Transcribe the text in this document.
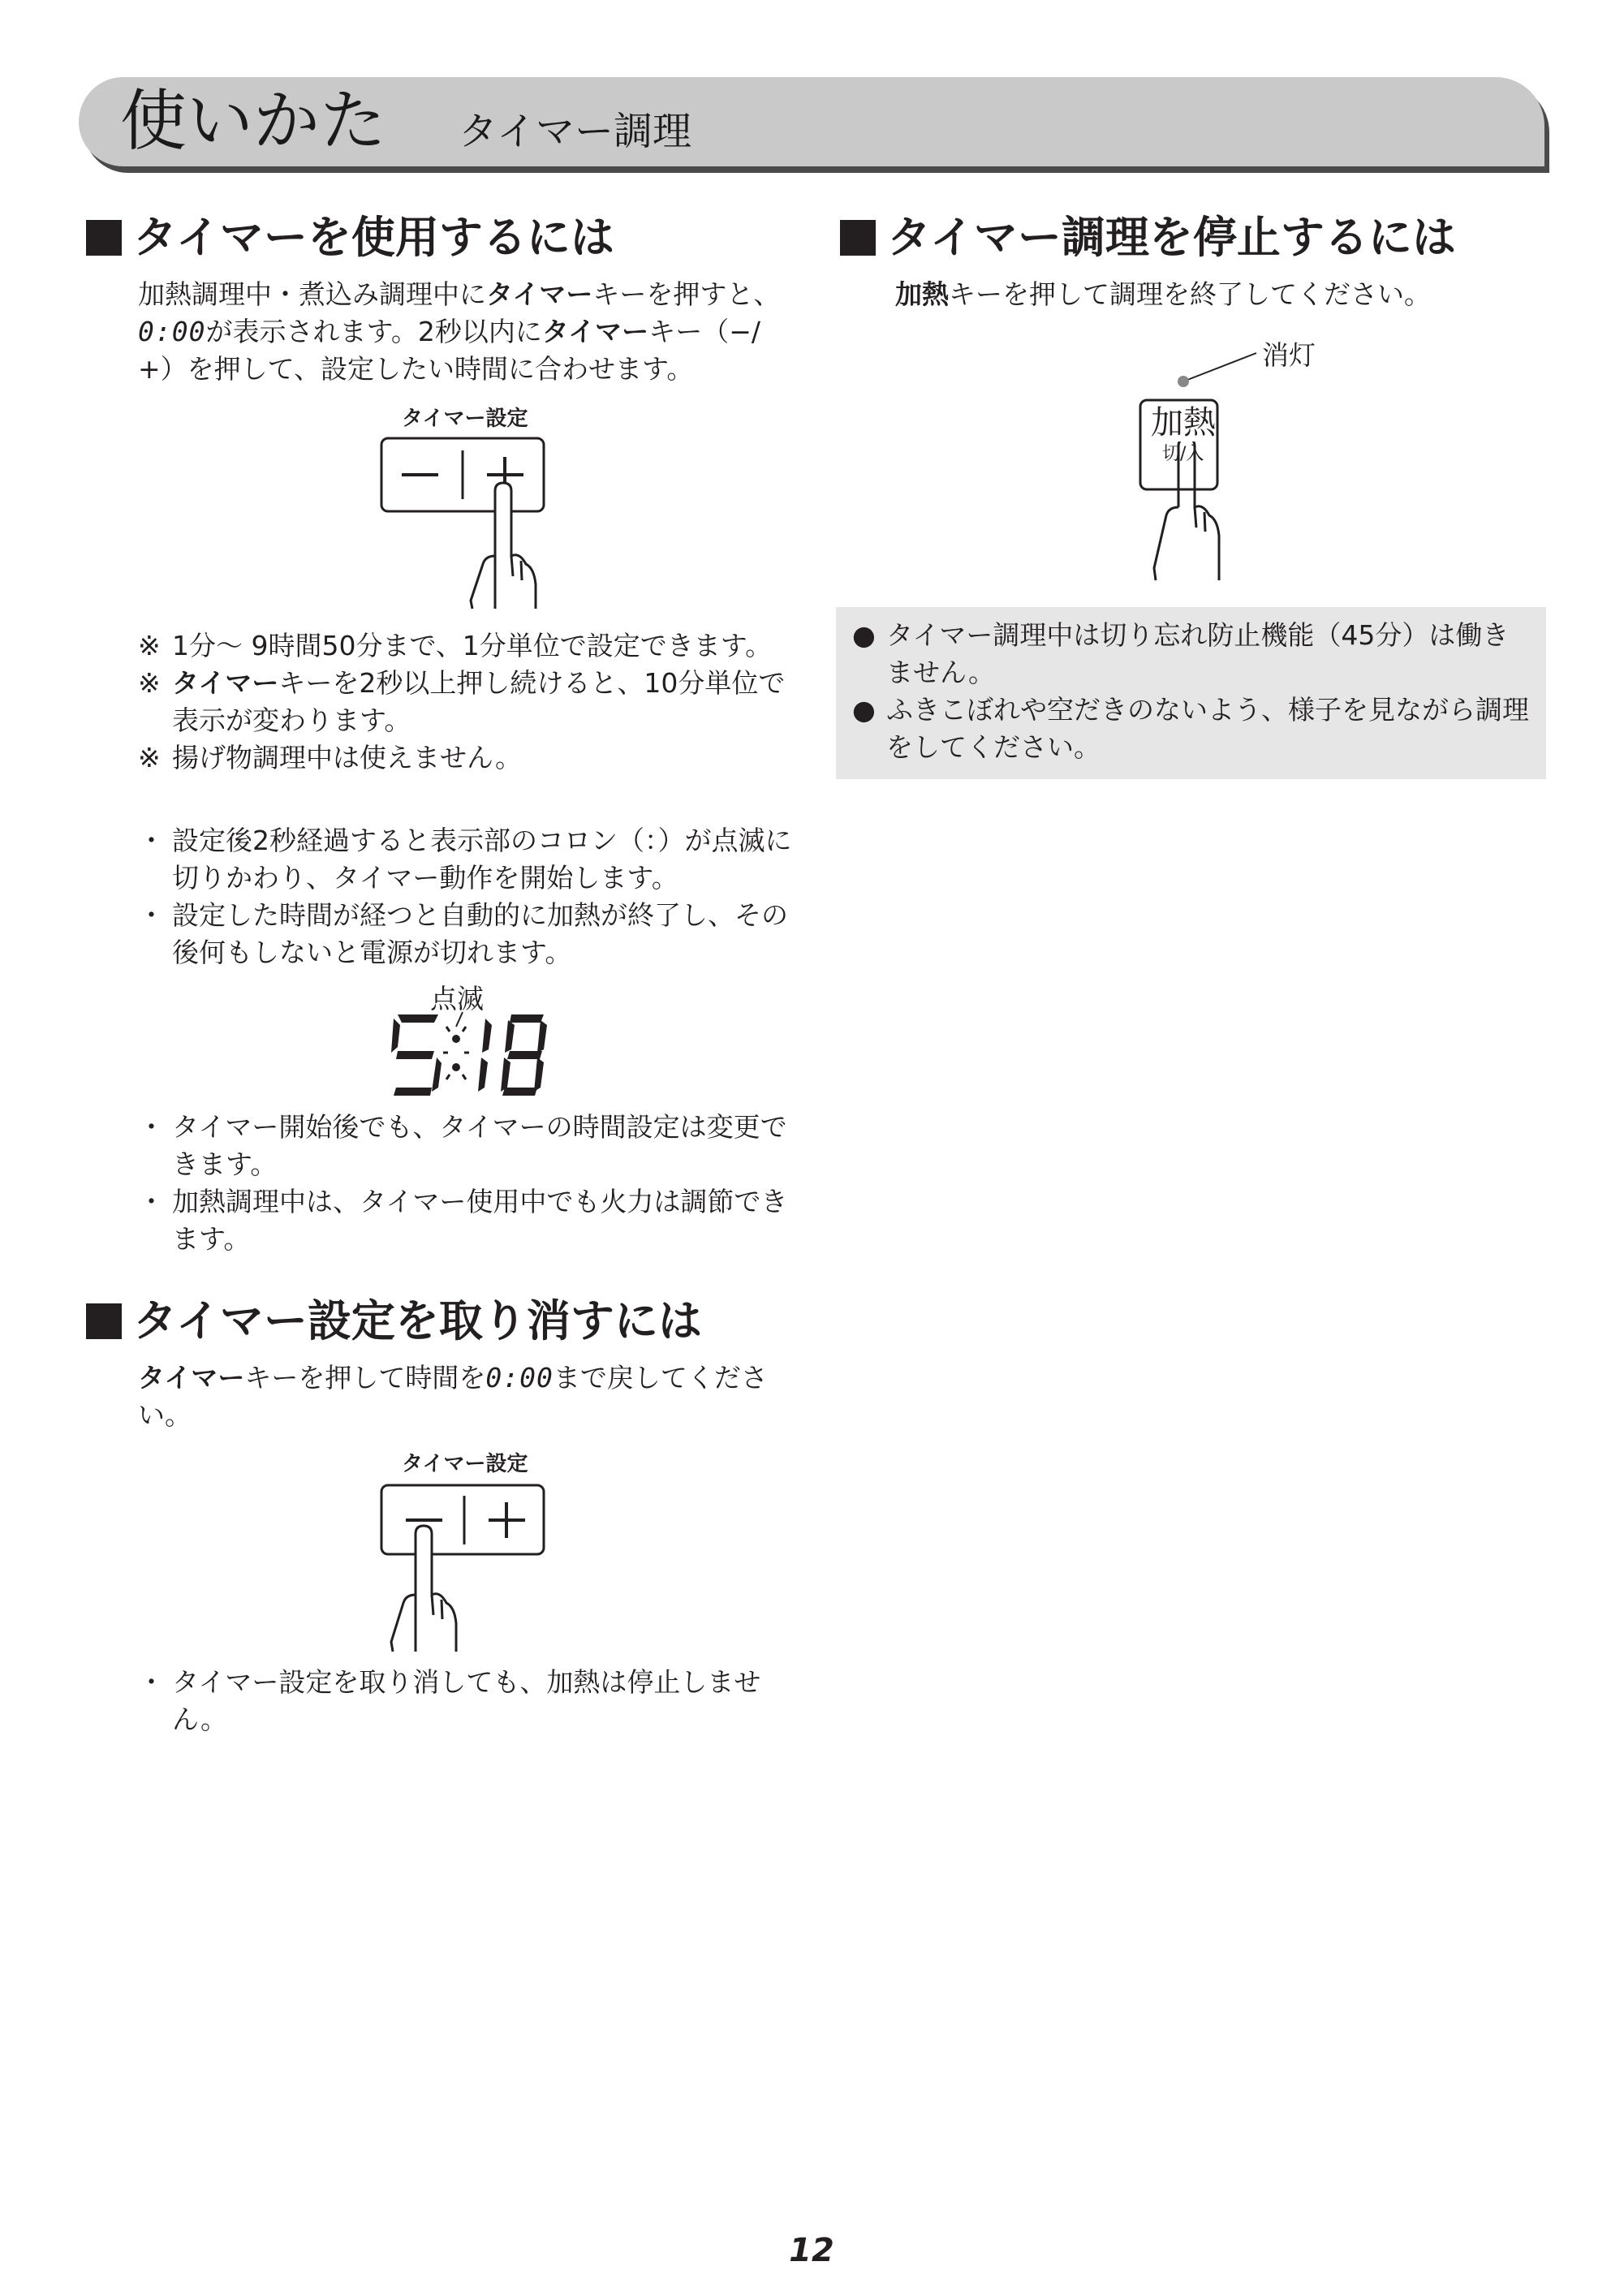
使いかた タイマー調理
タイマーを使用するには
加熱調理中・煮込み調理中にタイマーキーを押すと、
0:00が表示されます。2秒以内にタイマーキー（−/
+）を押して、設定したい時間に合わせます。
タイマー設定
※ 1分〜 9時間50分まで、1分単位で設定できます。
※ タイマーキーを2秒以上押し続けると、10分単位で表示が変わります。
※ 揚げ物調理中は使えません。
・ 設定後2秒経過すると表示部のコロン（：）が点滅に切りかわり、タイマー動作を開始します。
・ 設定した時間が経つと自動的に加熱が終了し、その後何もしないと電源が切れます。
点滅
・ タイマー開始後でも、タイマーの時間設定は変更できます。
・ 加熱調理中は、タイマー使用中でも火力は調節できます。
タイマー設定を取り消すには
タイマーキーを押して時間を0:00まで戻してください。
タイマー設定
・ タイマー設定を取り消しても、加熱は停止しません。
タイマー調理を停止するには
加熱キーを押して調理を終了してください。
消灯
加熱
切/入
● タイマー調理中は切り忘れ防止機能（45分）は働きません。
● ふきこぼれや空だきのないよう、様子を見ながら調理をしてください。
12
